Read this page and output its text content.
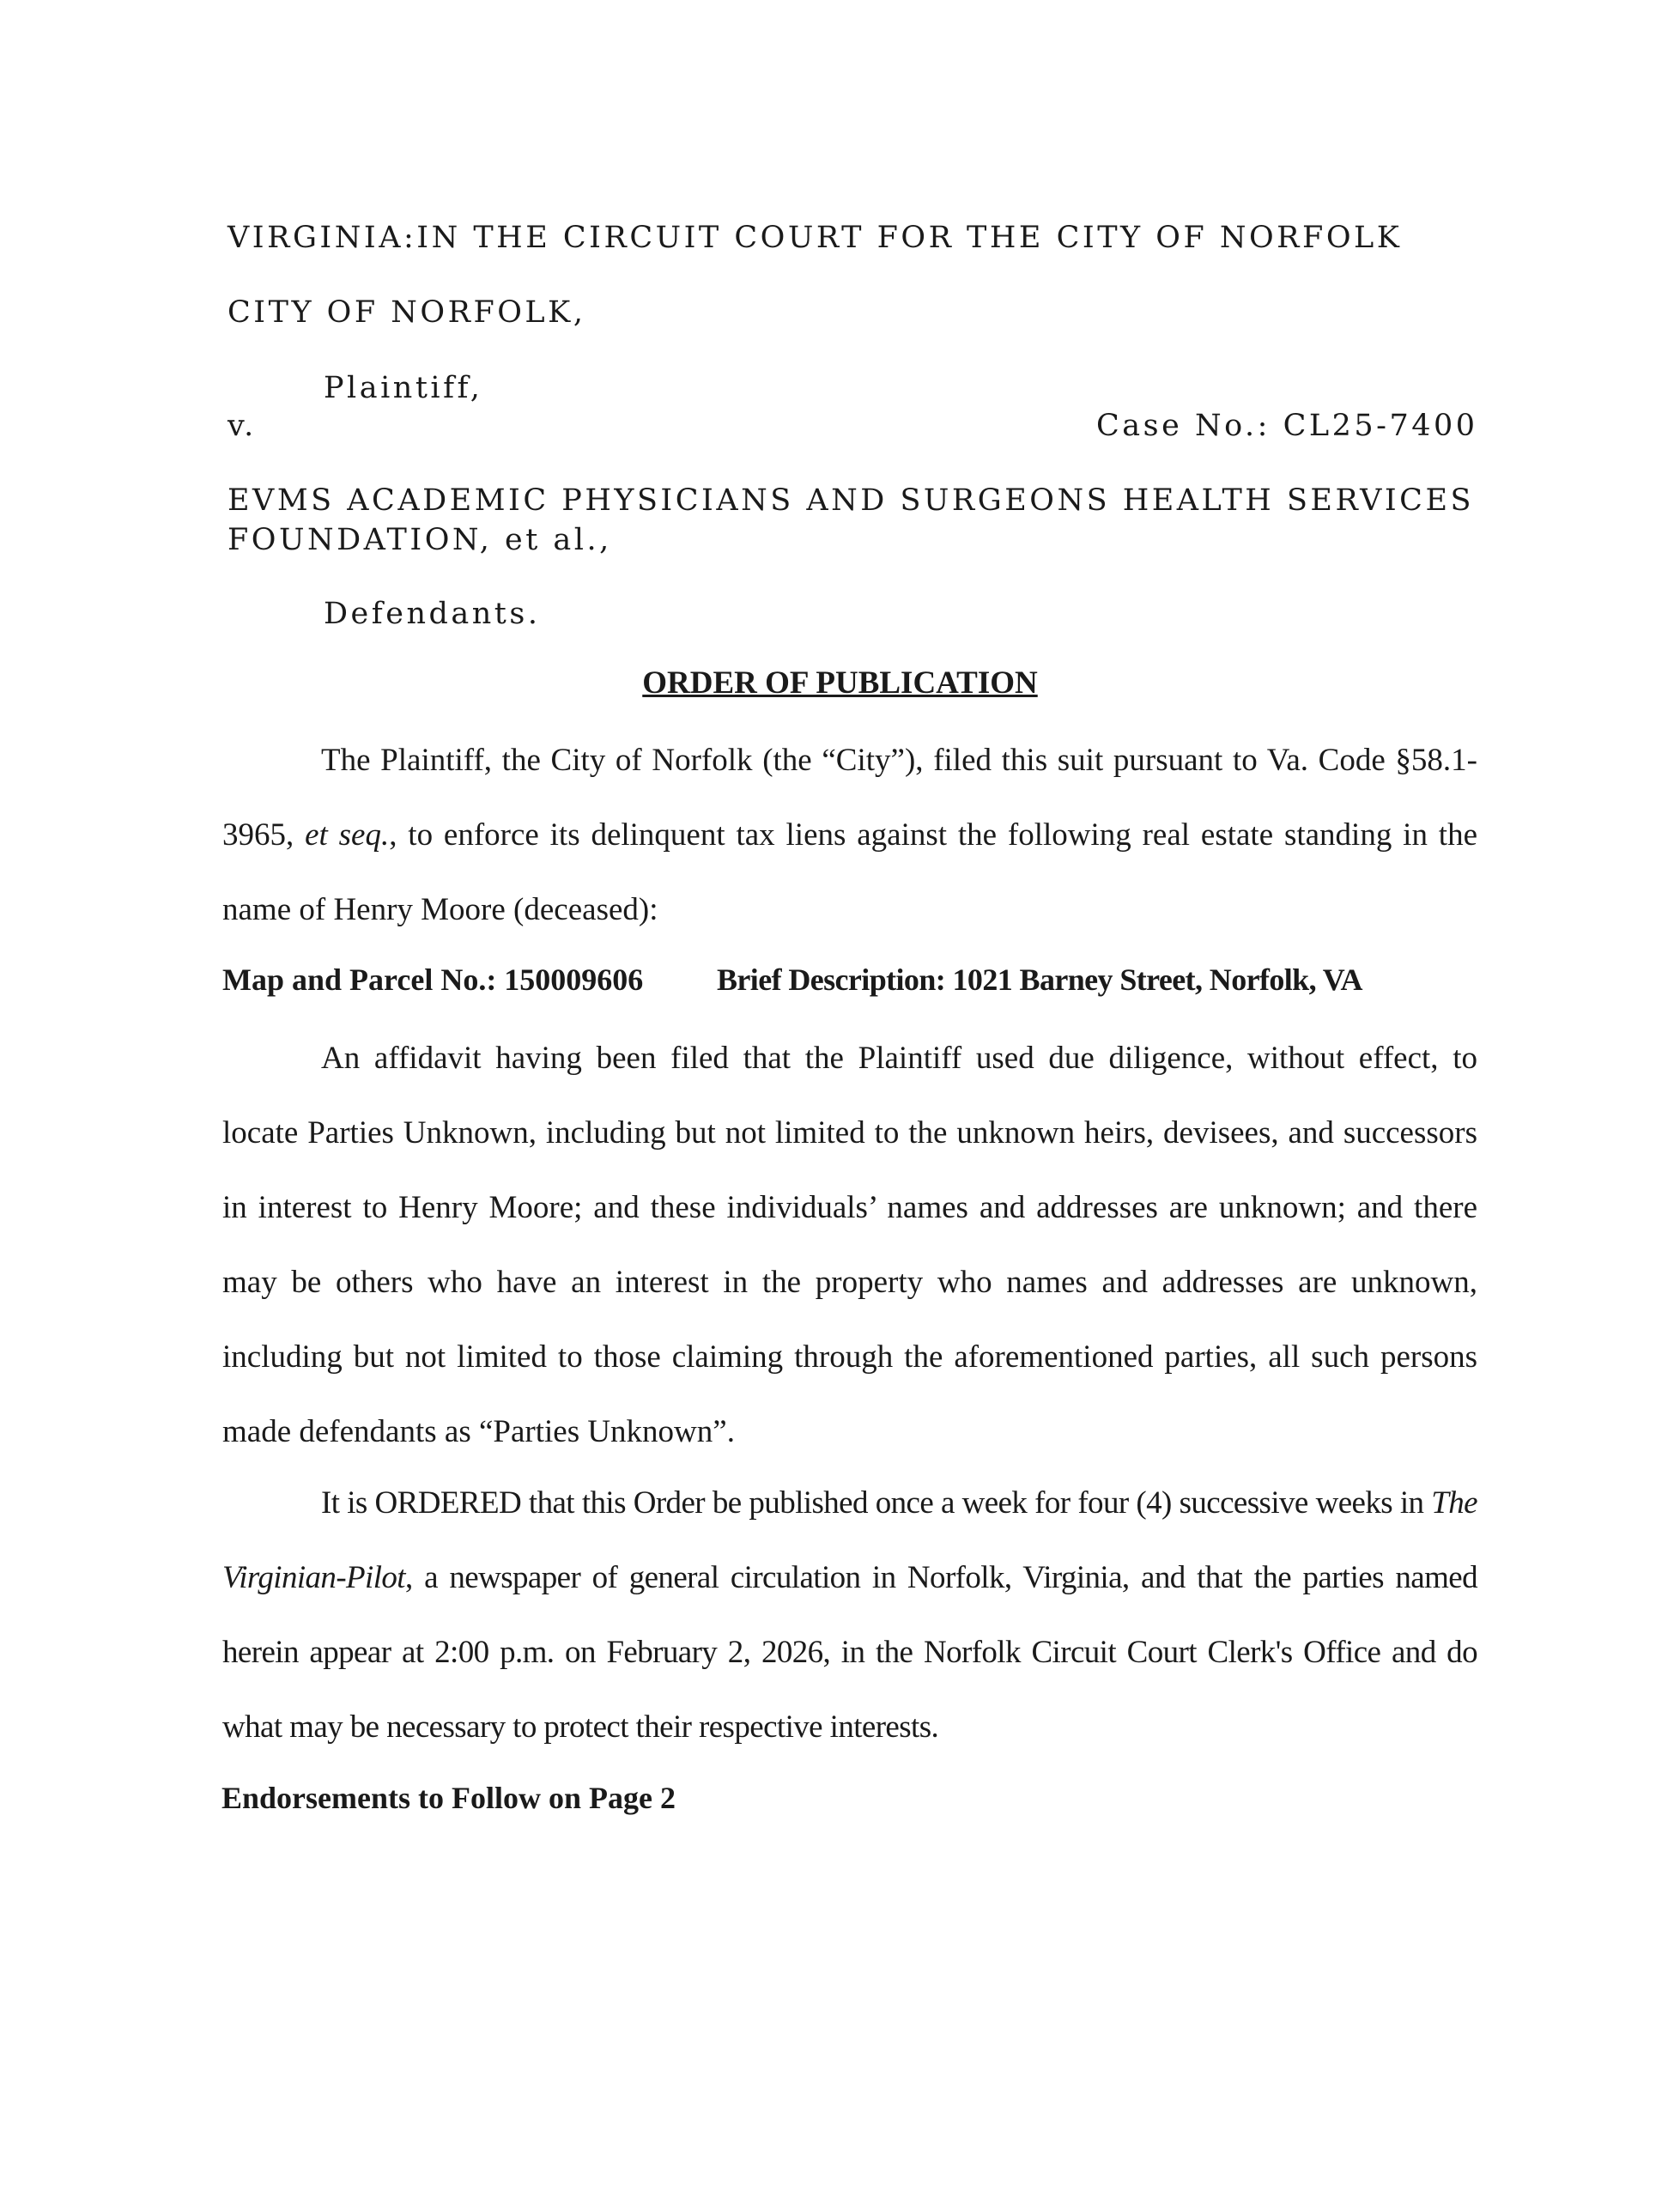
VIRGINIA:IN THE CIRCUIT COURT FOR THE CITY OF NORFOLK
CITY OF NORFOLK,
Plaintiff,
v.	Case No.: CL25-7400
EVMS ACADEMIC PHYSICIANS AND SURGEONS HEALTH SERVICES
FOUNDATION, et al.,
Defendants.
ORDER OF PUBLICATION

The Plaintiff, the City of Norfolk (the “City”), filed this suit pursuant to Va. Code §58.1-3965, et seq., to enforce its delinquent tax liens against the following real estate standing in the name of Henry Moore (deceased):

Map and Parcel No.: 150009606 Brief Description: 1021 Barney Street, Norfolk, VA

An affidavit having been filed that the Plaintiff used due diligence, without effect, to locate Parties Unknown, including but not limited to the unknown heirs, devisees, and successors in interest to Henry Moore; and these individuals’ names and addresses are unknown; and there may be others who have an interest in the property who names and addresses are unknown, including but not limited to those claiming through the aforementioned parties, all such persons made defendants as “Parties Unknown”.

It is ORDERED that this Order be published once a week for four (4) successive weeks in The Virginian-Pilot, a newspaper of general circulation in Norfolk, Virginia, and that the parties named herein appear at 2:00 p.m. on February 2, 2026, in the Norfolk Circuit Court Clerk's Office and do what may be necessary to protect their respective interests.

Endorsements to Follow on Page 2
